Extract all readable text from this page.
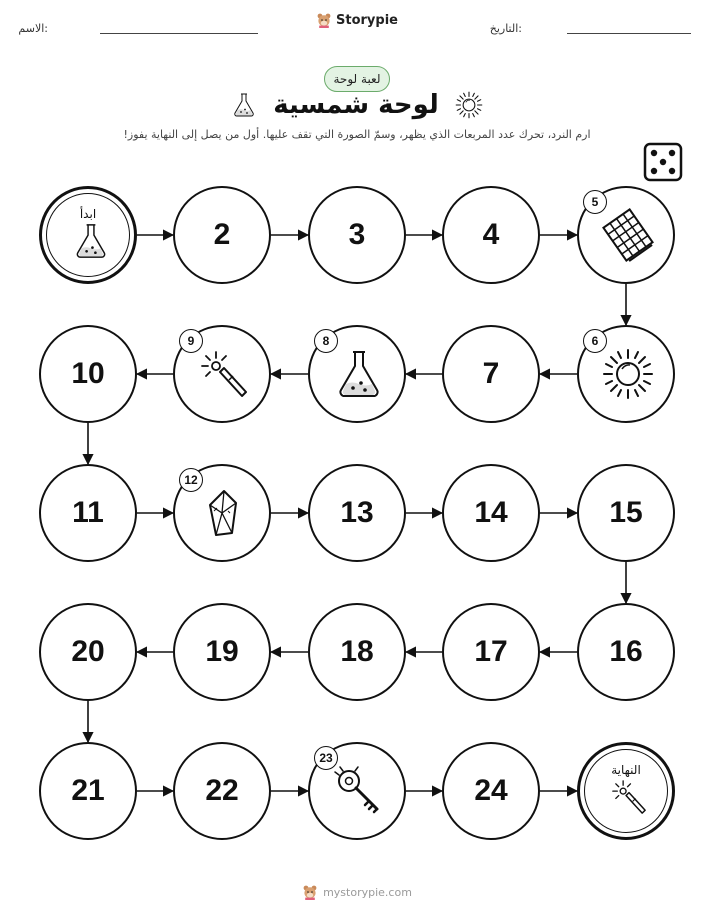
الاسم:
Storypie
التاريخ:
لعبة لوحة
لوحة شمسية
ارم النرد، تحرك عدد المربعات الذي يظهر، وسمّ الصورة التي تقف عليها. أول من يصل إلى النهاية يفوز!
ابدأ
2	3	4
5
6
7
8
9
10
11
12
13	14	15
16
17
18
19
20
21	22
23
24
النهاية
mystorypie.com
